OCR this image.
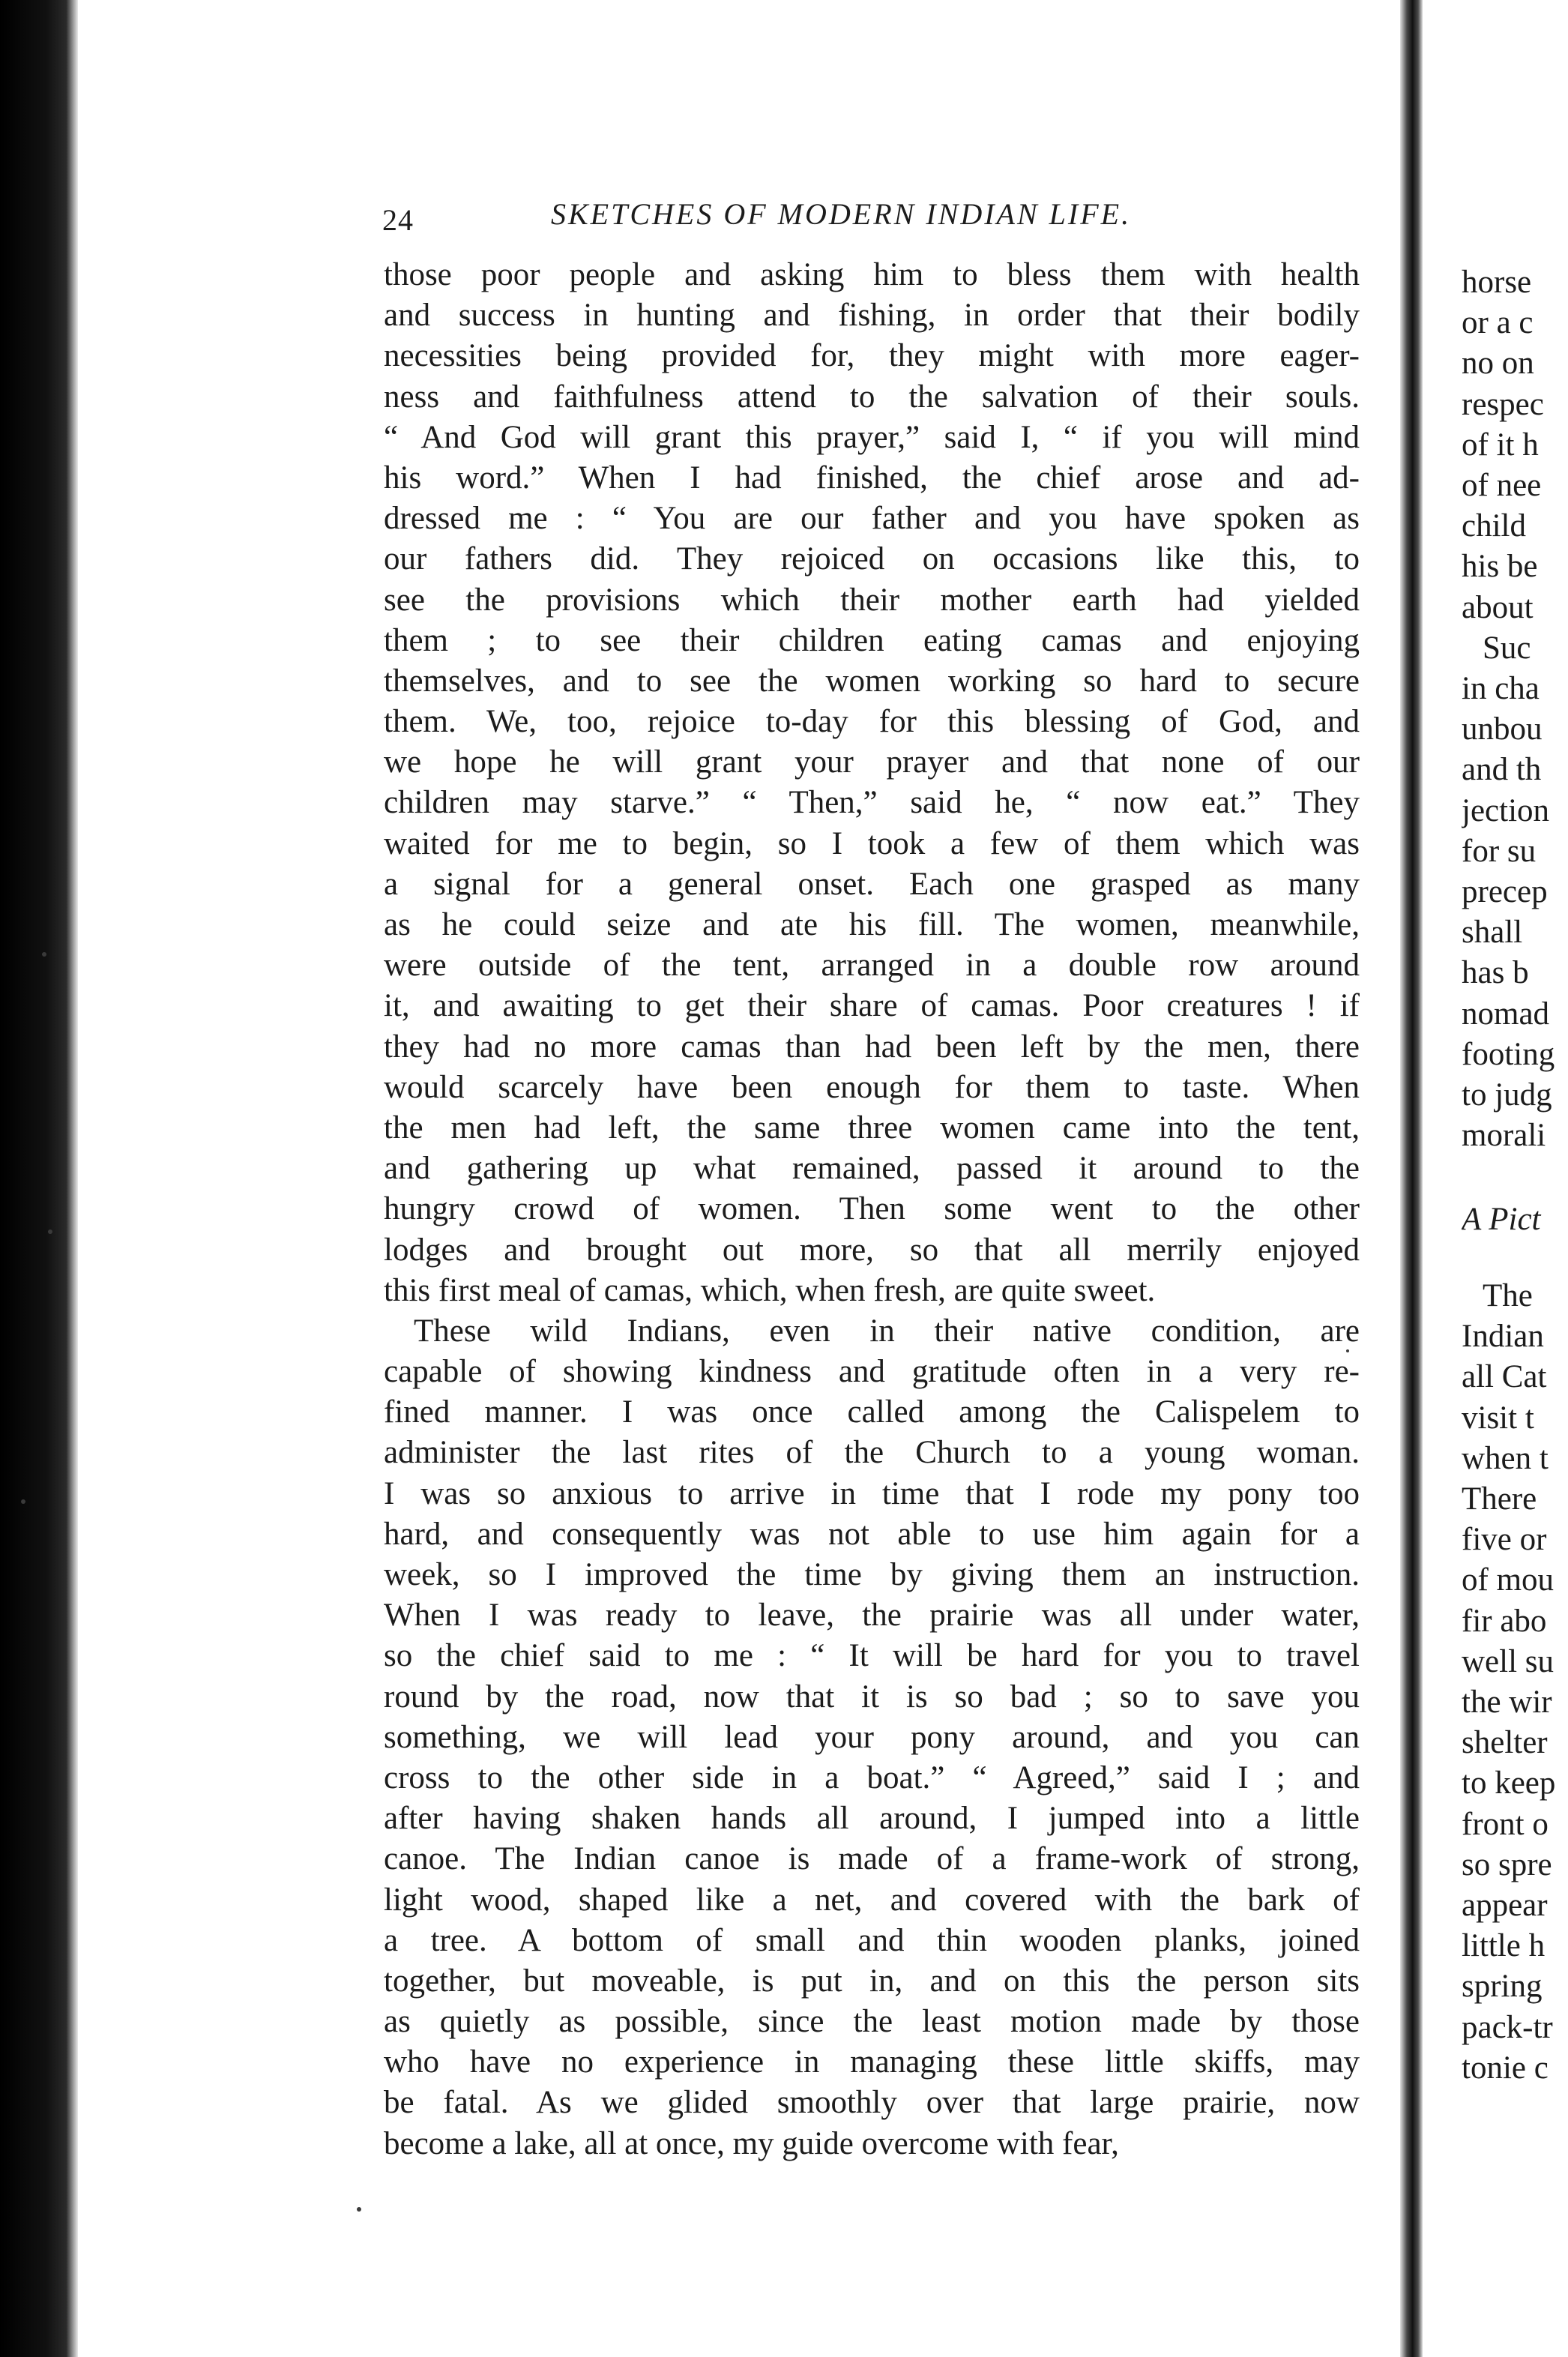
24	SKETCHES OF MODERN INDIAN LIFE.
those poor people and asking him to bless them with health
and success in hunting and fishing, in order that their bodily
necessities being provided for, they might with more eager-
ness and faithfulness attend to the salvation of their souls.
“ And God will grant this prayer,” said I, “ if you will mind
his word.” When I had finished, the chief arose and ad-
dressed me : “ You are our father and you have spoken as
our fathers did. They rejoiced on occasions like this, to
see the provisions which their mother earth had yielded
them ; to see their children eating camas and enjoying
themselves, and to see the women working so hard to secure
them. We, too, rejoice to-day for this blessing of God, and
we hope he will grant your prayer and that none of our
children may starve.” “ Then,” said he, “ now eat.” They
waited for me to begin, so I took a few of them which was
a signal for a general onset. Each one grasped as many
as he could seize and ate his fill. The women, meanwhile,
were outside of the tent, arranged in a double row around
it, and awaiting to get their share of camas. Poor creatures ! if
they had no more camas than had been left by the men, there
would scarcely have been enough for them to taste. When
the men had left, the same three women came into the tent,
and gathering up what remained, passed it around to the
hungry crowd of women. Then some went to the other
lodges and brought out more, so that all merrily enjoyed
this first meal of camas, which, when fresh, are quite sweet.
These wild Indians, even in their native condition, are
capable of showing kindness and gratitude often in a very re-
fined manner. I was once called among the Calispelem to
administer the last rites of the Church to a young woman.
I was so anxious to arrive in time that I rode my pony too
hard, and consequently was not able to use him again for a
week, so I improved the time by giving them an instruction.
When I was ready to leave, the prairie was all under water,
so the chief said to me : “ It will be hard for you to travel
round by the road, now that it is so bad ; so to save you
something, we will lead your pony around, and you can
cross to the other side in a boat.” “ Agreed,” said I ; and
after having shaken hands all around, I jumped into a little
canoe. The Indian canoe is made of a frame-work of strong,
light wood, shaped like a net, and covered with the bark of
a tree. A bottom of small and thin wooden planks, joined
together, but moveable, is put in, and on this the person sits
as quietly as possible, since the least motion made by those
who have no experience in managing these little skiffs, may
be fatal. As we glided smoothly over that large prairie, now
become a lake, all at once, my guide overcome with fear,
horse
or a c
no on
respec
of it h
of nee
child
his be
about
Suc
in cha
unbou
and th
jection
for su
precep
shall
has b
nomad
footing
to judg
morali
A Pict
The
Indian
all Cat
visit t
when t
There
five or
of mou
fir abo
well su
the wir
shelter
to keep
front o
so spre
appear
little h
spring
pack-tr
tonie c
